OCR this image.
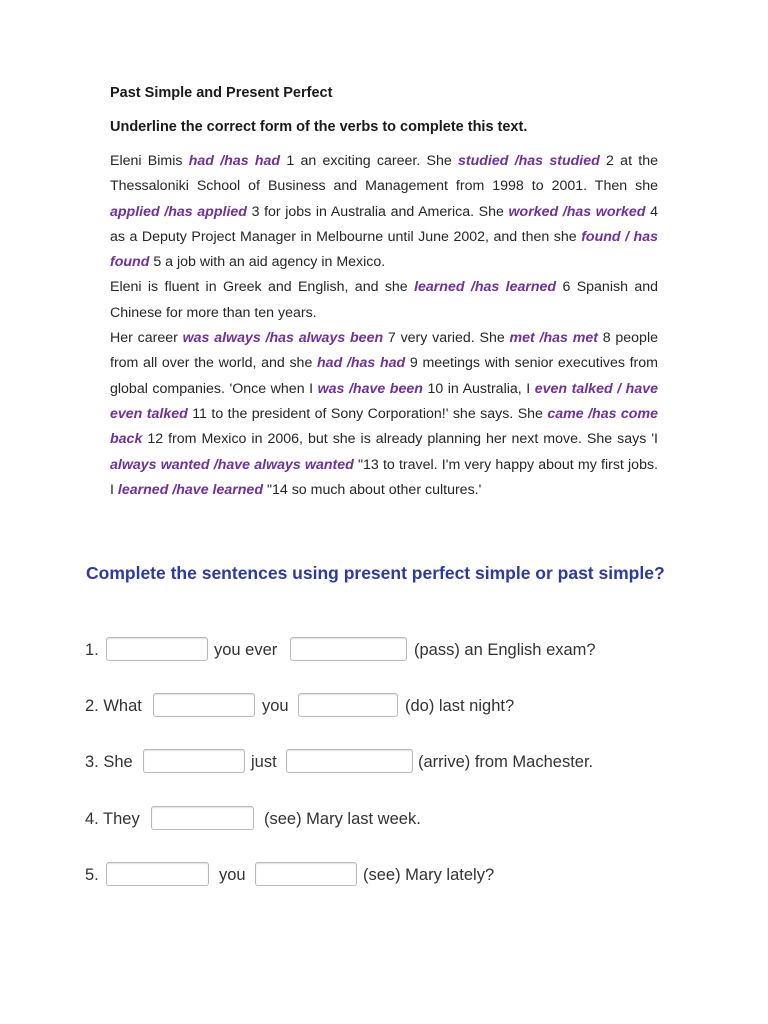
Past Simple and Present Perfect
Underline the correct form of the verbs to complete this text.

Eleni Bimis had /has had 1 an exciting career. She studied /has studied 2 at the Thessaloniki School of Business and Management from 1998 to 2001. Then she applied /has applied 3 for jobs in Australia and America. She worked /has worked 4 as a Deputy Project Manager in Melbourne until June 2002, and then she found / has found 5 a job with an aid agency in Mexico.

Eleni is fluent in Greek and English, and she learned /has learned 6 Spanish and Chinese for more than ten years.

Her career was always /has always been 7 very varied. She met /has met 8 people from all over the world, and she had /has had 9 meetings with senior executives from global companies. 'Once when I was /have been 10 in Australia, I even talked / have even talked 11 to the president of Sony Corporation!' she says. She came /has come back 12 from Mexico in 2006, but she is already planning her next move. She says 'I always wanted /have always wanted "13 to travel. I'm very happy about my first jobs. I learned /have learned "14 so much about other cultures.'

Complete the sentences using present perfect simple or past simple?
1.	you ever	(pass) an English exam?
2. What	you	(do) last night?
3. She	just	(arrive) from Machester.
4. They	(see) Mary last week.
5.	you	(see) Mary lately?
